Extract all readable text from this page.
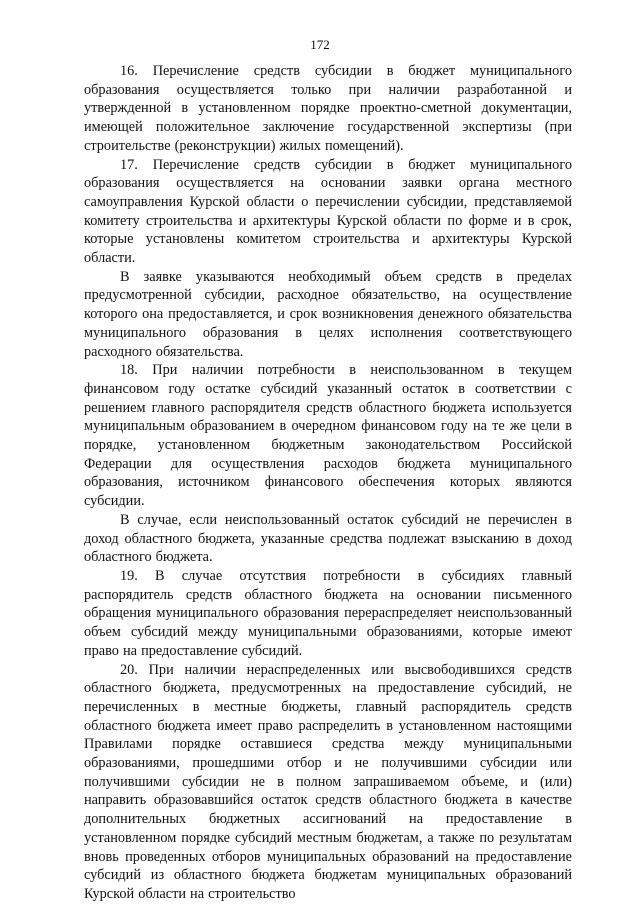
172

16. Перечисление средств субсидии в бюджет муниципального образования осуществляется только при наличии разработанной и утвержденной в установленном порядке проектно-сметной документации, имеющей положительное заключение государственной экспертизы (при строительстве (реконструкции) жилых помещений).

17. Перечисление средств субсидии в бюджет муниципального образования осуществляется на основании заявки органа местного самоуправления Курской области о перечислении субсидии, представляемой комитету строительства и архитектуры Курской области по форме и в срок, которые установлены комитетом строительства и архитектуры Курской области.

В заявке указываются необходимый объем средств в пределах предусмотренной субсидии, расходное обязательство, на осуществление которого она предоставляется, и срок возникновения денежного обязательства муниципального образования в целях исполнения соответствующего расходного обязательства.

18. При наличии потребности в неиспользованном в текущем финансовом году остатке субсидий указанный остаток в соответствии с решением главного распорядителя средств областного бюджета используется муниципальным образованием в очередном финансовом году на те же цели в порядке, установленном бюджетным законодательством Российской Федерации для осуществления расходов бюджета муниципального образования, источником финансового обеспечения которых являются субсидии.

В случае, если неиспользованный остаток субсидий не перечислен в доход областного бюджета, указанные средства подлежат взысканию в доход областного бюджета.

19. В случае отсутствия потребности в субсидиях главный распорядитель средств областного бюджета на основании письменного обращения муниципального образования перераспределяет неиспользованный объем субсидий между муниципальными образованиями, которые имеют право на предоставление субсидий.

20. При наличии нераспределенных или высвободившихся средств областного бюджета, предусмотренных на предоставление субсидий, не перечисленных в местные бюджеты, главный распорядитель средств областного бюджета имеет право распределить в установленном настоящими Правилами порядке оставшиеся средства между муниципальными образованиями, прошедшими отбор и не получившими субсидии или получившими субсидии не в полном запрашиваемом объеме, и (или) направить образовавшийся остаток средств областного бюджета в качестве дополнительных бюджетных ассигнований на предоставление в установленном порядке субсидий местным бюджетам, а также по результатам вновь проведенных отборов муниципальных образований на предоставление субсидий из областного бюджета бюджетам муниципальных образований Курской области на строительство
